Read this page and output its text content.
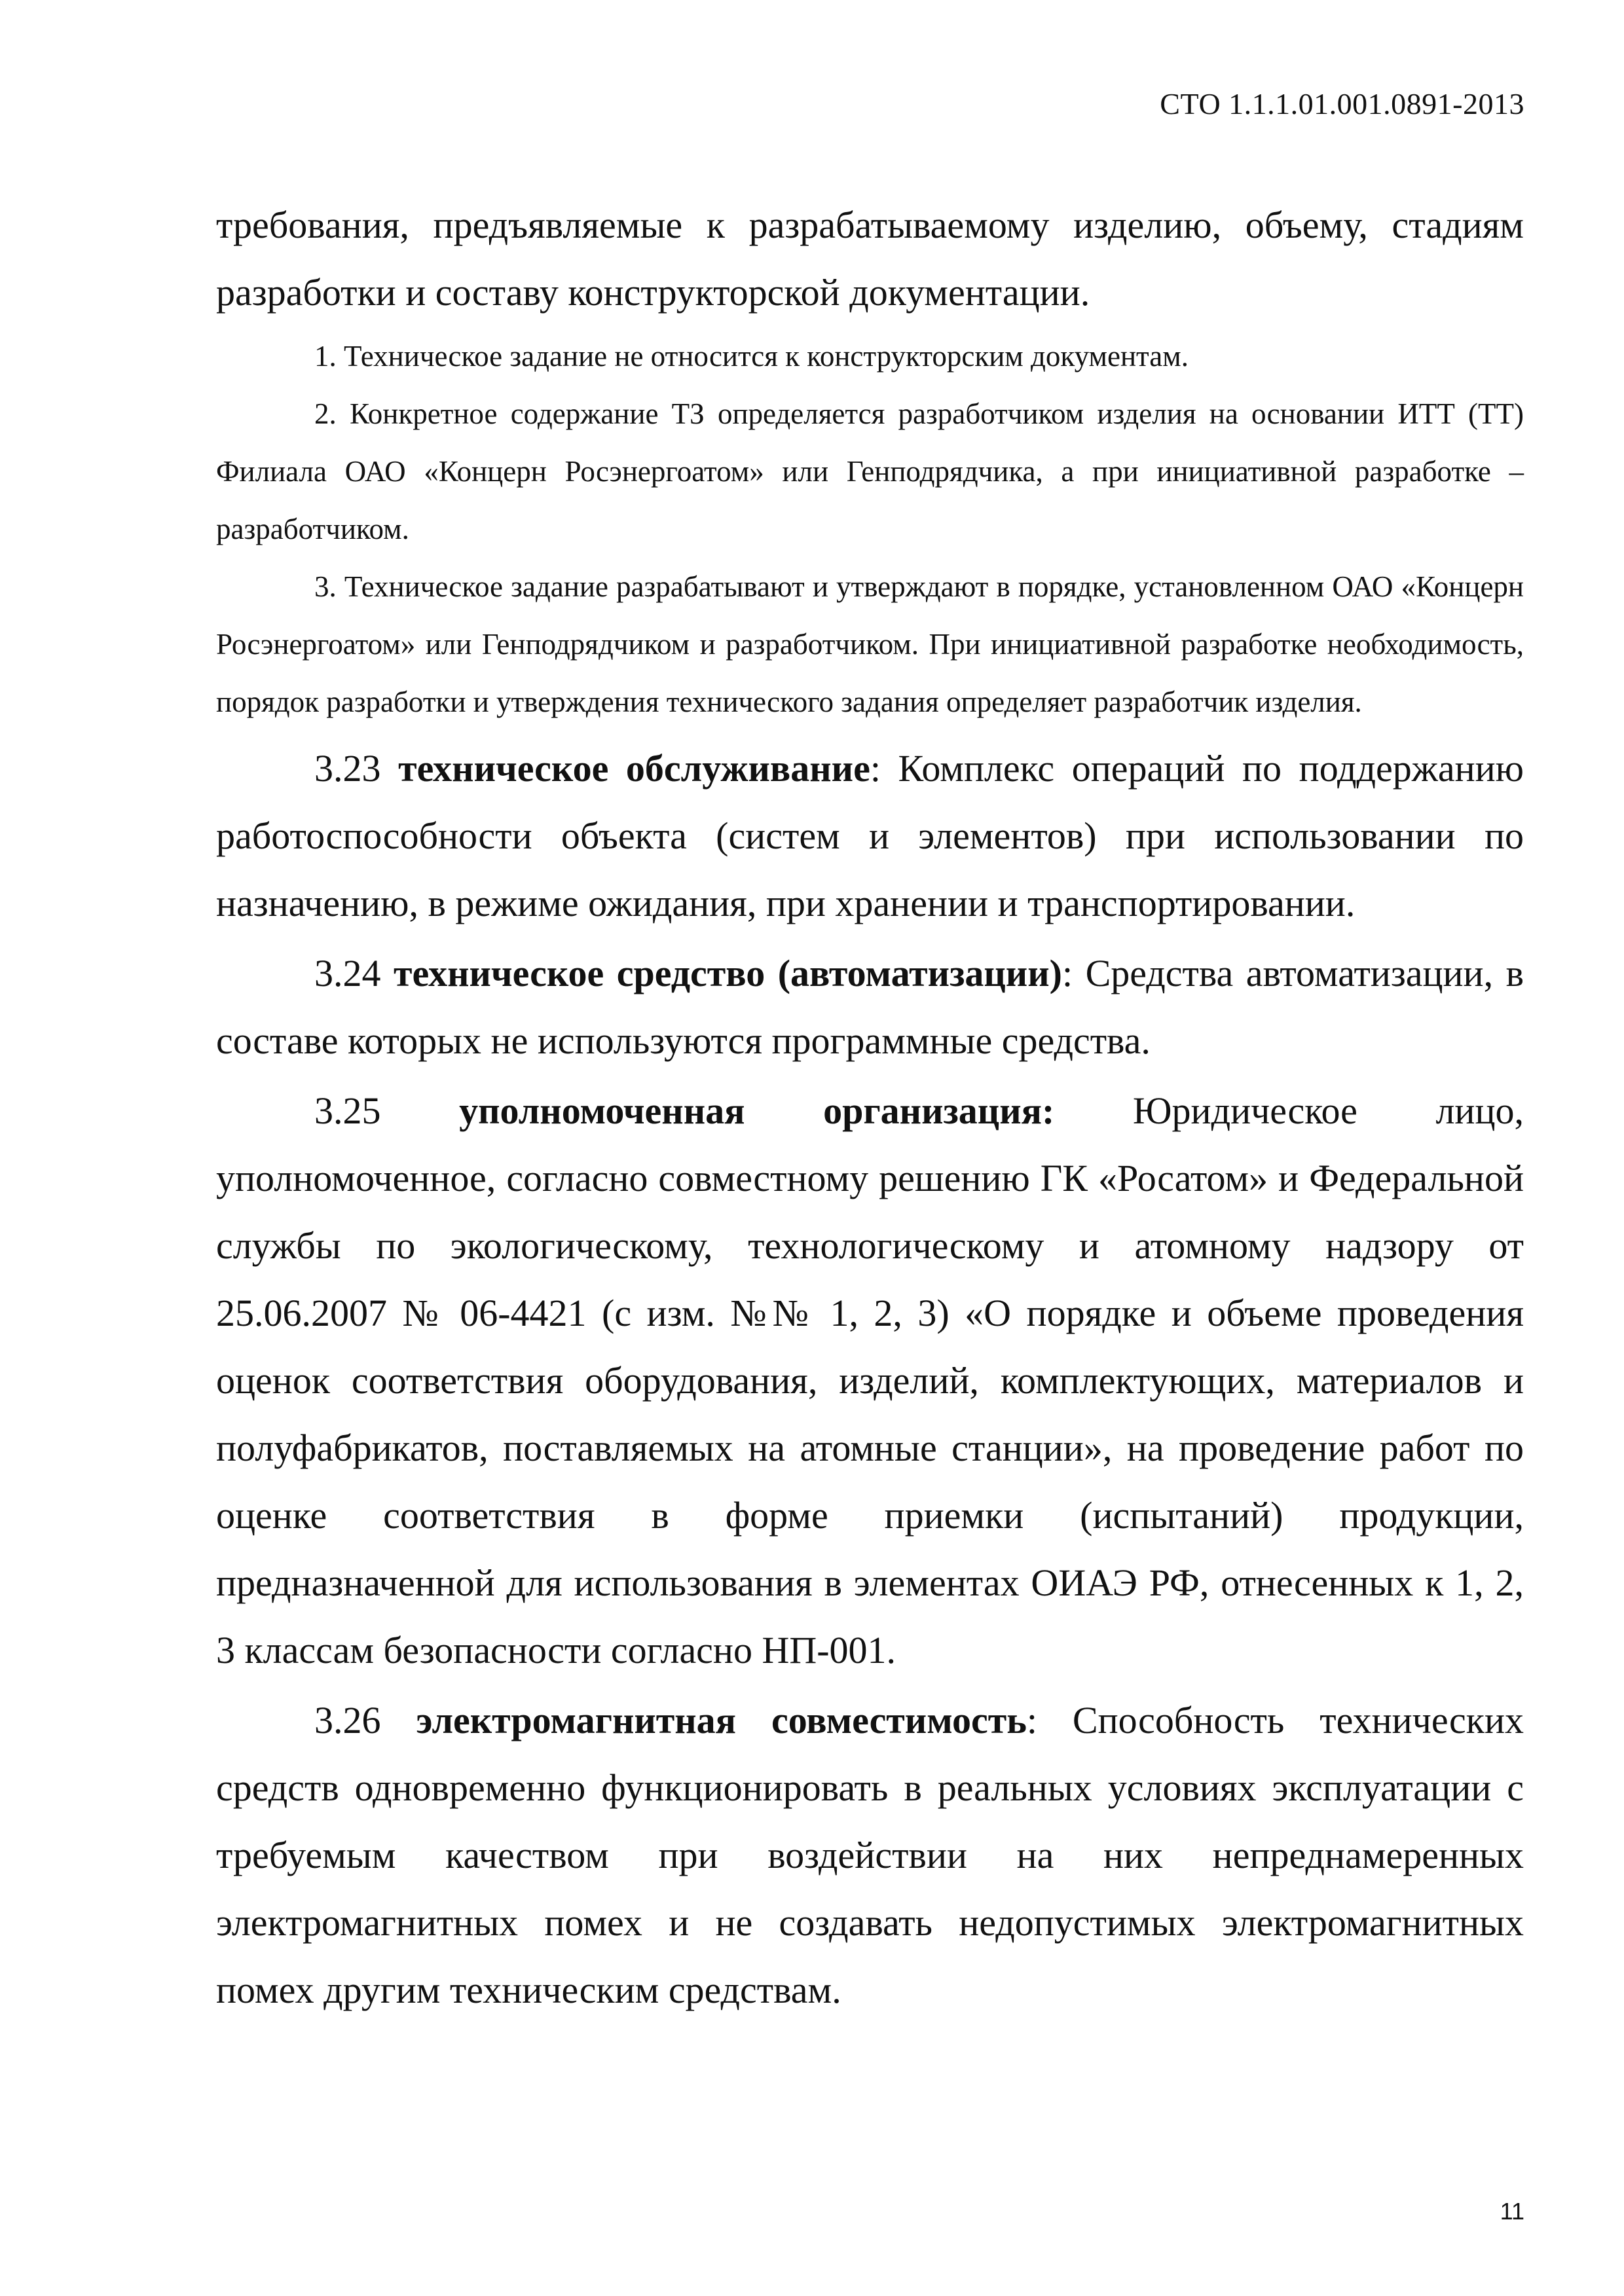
СТО 1.1.1.01.001.0891-2013

требования, предъявляемые к разрабатываемому изделию, объему, стадиям разработки и составу конструкторской документации.

1. Техническое задание не относится к конструкторским документам.

2. Конкретное содержание ТЗ определяется разработчиком изделия на основании ИТТ (ТТ) Филиала ОАО «Концерн Росэнергоатом» или Генподрядчика, а при инициативной разработке – разработчиком.

3. Техническое задание разрабатывают и утверждают в порядке, установленном ОАО «Концерн Росэнергоатом» или Генподрядчиком и разработчиком. При инициативной разработке необходимость, порядок разработки и утверждения технического задания определяет разработчик изделия.

3.23 техническое обслуживание: Комплекс операций по поддержанию работоспособности объекта (систем и элементов) при использовании по назначению, в режиме ожидания, при хранении и транспортировании.

3.24 техническое средство (автоматизации): Средства автоматизации, в составе которых не используются программные средства.

3.25 уполномоченная организация: Юридическое лицо, уполномоченное, согласно совместному решению ГК «Росатом» и Федеральной службы по экологическому, технологическому и атомному надзору от 25.06.2007 № 06-4421 (с изм. №№ 1, 2, 3) «О порядке и объеме проведения оценок соответствия оборудования, изделий, комплектующих, материалов и полуфабрикатов, поставляемых на атомные станции», на проведение работ по оценке соответствия в форме приемки (испытаний) продукции, предназначенной для использования в элементах ОИАЭ РФ, отнесенных к 1, 2, 3 классам безопасности согласно НП-001.

3.26 электромагнитная совместимость: Способность технических средств одновременно функционировать в реальных условиях эксплуатации с требуемым качеством при воздействии на них непреднамеренных электромагнитных помех и не создавать недопустимых электромагнитных помех другим техническим средствам.

11
